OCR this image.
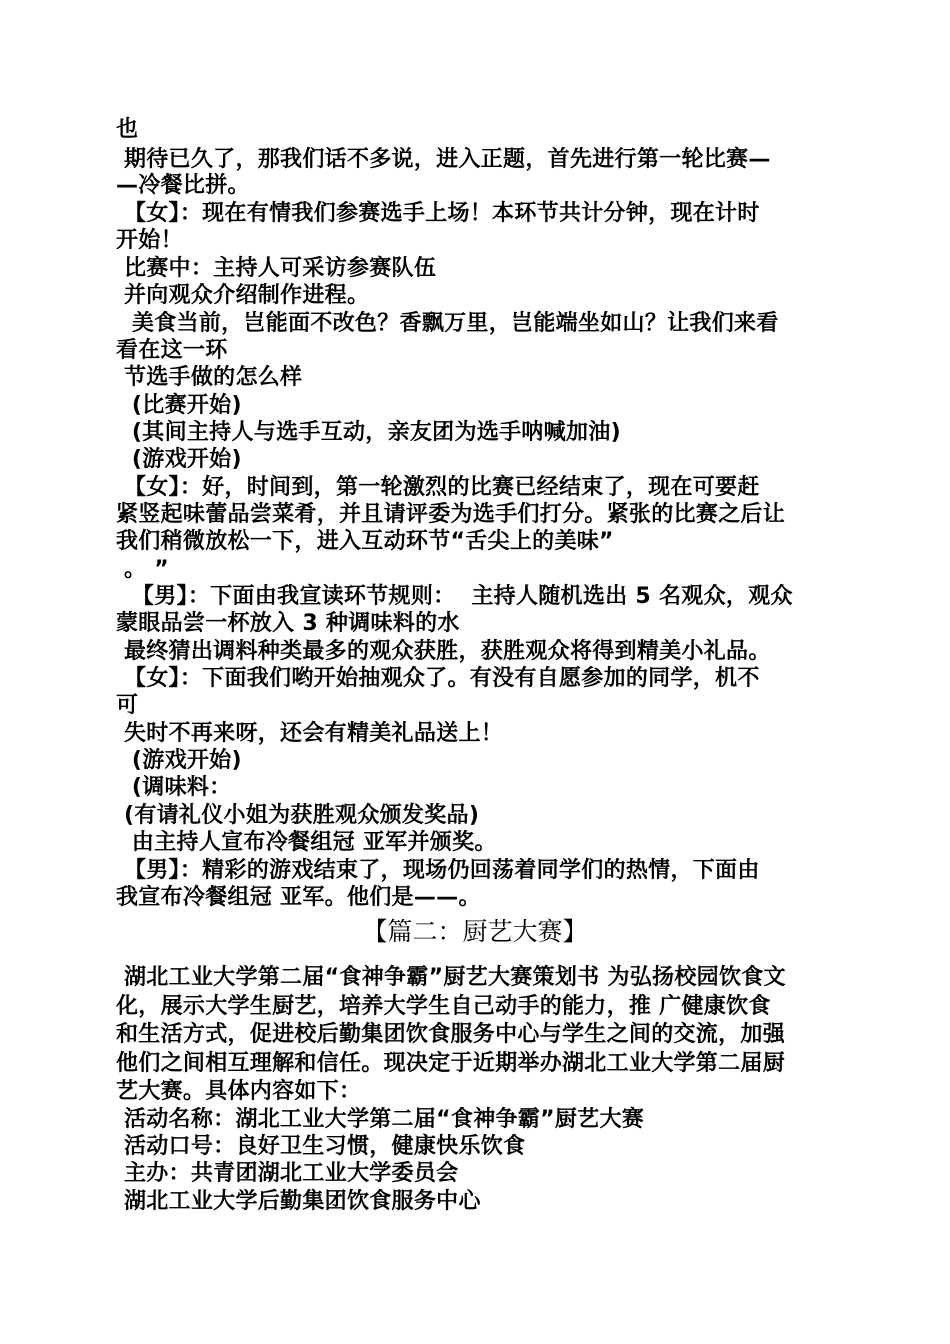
也
期待已久了，那我们话不多说，进入正题，首先进行第一轮比赛—
—冷餐比拼。
【女】：现在有情我们参赛选手上场！本环节共计分钟，现在计时
开始！
比赛中：主持人可采访参赛队伍
并向观众介绍制作进程。
美食当前，岂能面不改色？香飘万里，岂能端坐如山？让我们来看
看在这一环
节选手做的怎么样
(比赛开始)
(其间主持人与选手互动，亲友团为选手呐喊加油)
(游戏开始)
【女】：好，时间到，第一轮激烈的比赛已经结束了，现在可要赶
紧竖起味蕾品尝菜肴，并且请评委为选手们打分。紧张的比赛之后让
我们稍微放松一下，进入互动环节“舌尖上的美味”
。 ”
【男】：下面由我宣读环节规则：  主持人随机选出 5 名观众，观众
蒙眼品尝一杯放入 3 种调味料的水
最终猜出调料种类最多的观众获胜，获胜观众将得到精美小礼品。
【女】：下面我们哟开始抽观众了。有没有自愿参加的同学，机不
可
失时不再来呀，还会有精美礼品送上！
(游戏开始)
(调味料：
(有请礼仪小姐为获胜观众颁发奖品)
由主持人宣布冷餐组冠 亚军并颁奖。
【男】：精彩的游戏结束了，现场仍回荡着同学们的热情，下面由
我宣布冷餐组冠 亚军。他们是——。
【篇二：厨艺大赛】
湖北工业大学第二届“食神争霸”厨艺大赛策划书 为弘扬校园饮食文
化，展示大学生厨艺，培养大学生自己动手的能力，推 广健康饮食
和生活方式，促进校后勤集团饮食服务中心与学生之间的交流，加强
他们之间相互理解和信任。现决定于近期举办湖北工业大学第二届厨
艺大赛。具体内容如下：
活动名称：湖北工业大学第二届“食神争霸”厨艺大赛
活动口号：良好卫生习惯，健康快乐饮食
主办：共青团湖北工业大学委员会
湖北工业大学后勤集团饮食服务中心
